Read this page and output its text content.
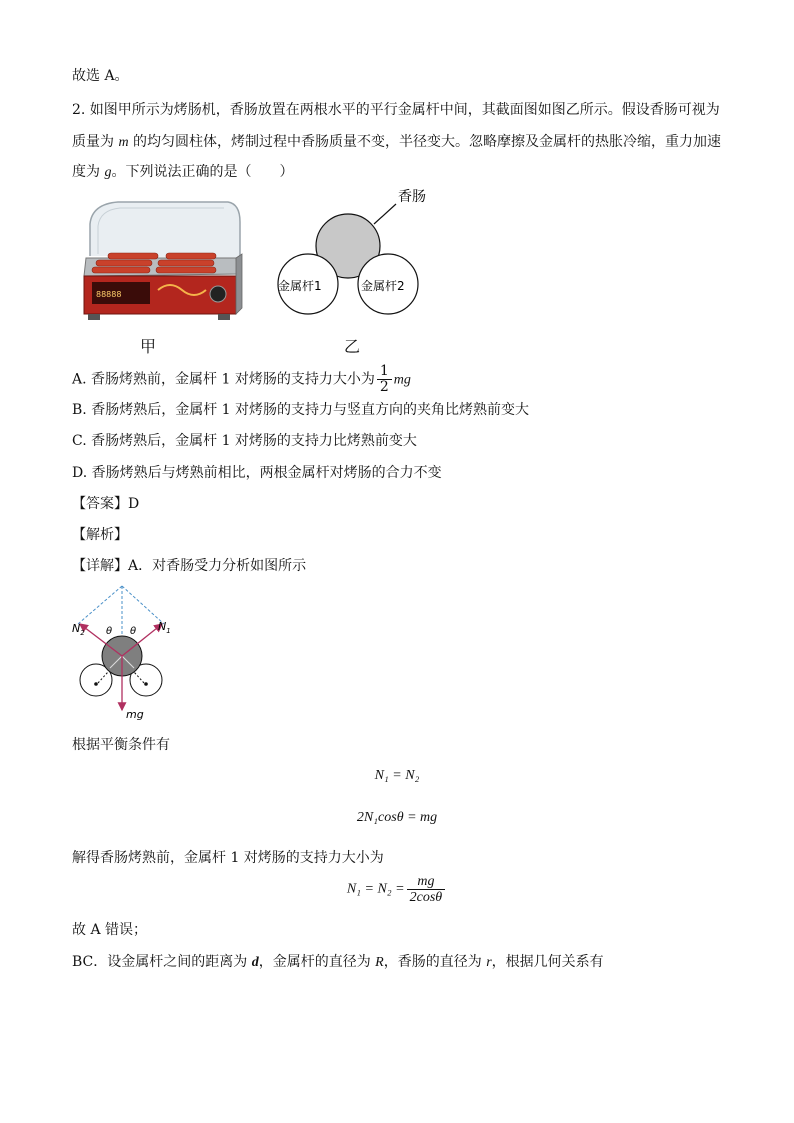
故选 A。
2. 如图甲所示为烤肠机，香肠放置在两根水平的平行金属杆中间，其截面图如图乙所示。假设香肠可视为
质量为 m 的均匀圆柱体，烤制过程中香肠质量不变，半径变大。忽略摩擦及金属杆的热胀冷缩，重力加速
度为 g。下列说法正确的是（　　）
88888
甲
香肠
金属杆1	金属杆2
乙
A. 香肠烤熟前，金属杆 1 对烤肠的支持力大小为 $\frac{1}{2}$ mg
B. 香肠烤熟后，金属杆 1 对烤肠的支持力与竖直方向的夹角比烤熟前变大
C. 香肠烤熟后，金属杆 1 对烤肠的支持力比烤熟前变大
D. 香肠烤熟后与烤熟前相比，两根金属杆对烤肠的合力不变
【答案】D
【解析】
【详解】A．对香肠受力分析如图所示
$N_2$	$N_1$
θ θ
mg
根据平衡条件有
N₁ = N₂
2N₁cosθ = mg
解得香肠烤熟前，金属杆 1 对烤肠的支持力大小为
$N_1 = N_2 = \frac{mg}{2\cos\theta}$
故 A 错误；
BC．设金属杆之间的距离为 d，金属杆的直径为 R，香肠的直径为 r，根据几何关系有
